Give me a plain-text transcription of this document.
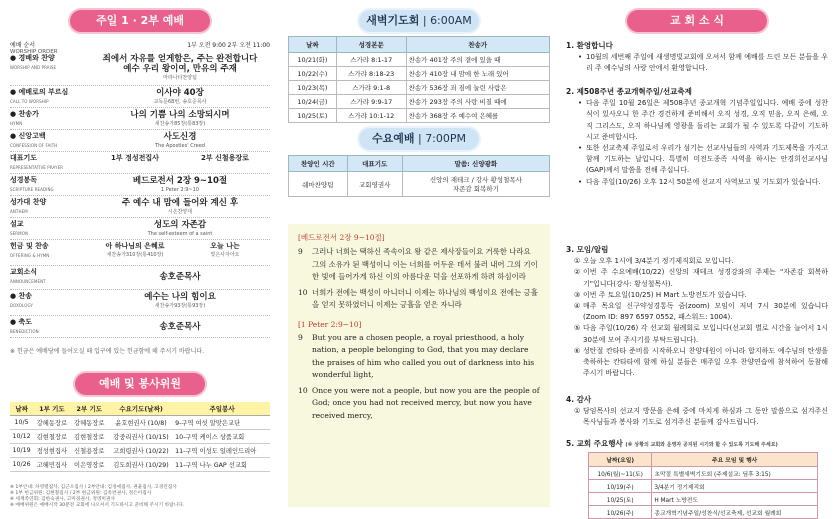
주일 1 · 2부 예배
예배 순서
WORSHIP ORDER
1부 오전 9:00 2부 오전 11:00
● 경배와 찬양
WORSHIP AND PRAISE
죄에서 자유를 얻게함은, 주는 완전합니다
예수 우리 왕이여, 만유의 주재
마라나타찬양팀
● 예배로의 부르심
CALL TO WORSHIP
이사야 40장
교독문68번, 송호준목사
● 찬송가
HYMN
나의 기쁨 나의 소망되시며
새찬송가85장(통83장)
● 신앙고백
CONFESSION OF FAITH
사도신경
The Apostles' Creed
대표기도
REPRESENTATIVE PRAYER
1부 정성전집사	2부 신철용장로
성경봉독
SCRIPTURE READING
베드로전서 2장 9~10절
1 Peter 2:9~10
성가대 찬양
ANTHEM
주 예수 내 맘에 들어와 계신 후
시온찬양대
설교
SERMON
성도의 자존감
The self-esteem of a saint
헌금 및 찬송
OFFERING & HYMN
아 하나님의 은혜로
새찬송가310장(통410장)
오늘 나는
빛은사자아오
교회소식
ANNOUNCEMENT	송호준목사
● 찬송
DOXOLOGY
예수는 나의 힘이요
새찬송가93장(통93장)
● 축도
BENEDICTION	송호준목사
※ 헌금은 예배당에 들어오실 때 입구에 있는 헌금함에 해 주시기 바랍니다.
예배 및 봉사위원
날짜	1부 기도	2부 기도	수요기도(날짜)	주일봉사
10/5	강혜동장로	강혜동장로	윤호현권사 (10/8)	9-구역 여섯 알맞은교단
10/12	김현철장로	김현철장로	강중리권사 (10/15)	10-구역 케이스 상품교회
10/19	정성현집사	신철용장로	고희령권사 (10/22)	11-구역 이성도 일레인드리아
10/26	고혜민집사	이은영장로	김도희권사 (10/29)	11-구역 나누 GAP 선교회
※ 1부안내: 차영렬집사, 김근오집사 / 2부안내: 김경애집사, 권율집사, 고경린집사
※ 1부 헌금위원: 김현철집사 / 2부 헌금위원: 김옥련권사, 정은이집사
※ 세계족연회: 김한숙권사, 고미경권사, 정영미권사
※ 예배위원은 예배시작 30분전 교회에 나오셔서 기도하시고 준비해 주시기 바랍니다.
새벽기도회 | 6:00AM
날짜	성경본문	찬송가
10/21(화)	스가랴 8:1-17	찬송가 401장 주의 곁에 있을 때
10/22(수)	스가랴 8:18-23	찬송가 410장 내 맘에 한 노래 있어
10/23(목)	스가랴 9:1-8	찬송가 536장 죄 짐에 눌린 사람은
10/24(금)	스가랴 9:9-17	찬송가 293장 주의 사랑 비칠 때에
10/25(토)	스가랴 10:1-12	찬송가 368장 주 예수여 은혜를
수요예배 | 7:00PM
찬양인 시간	대표기도	말씀: 신양광화
쉐마찬양팀	교회영권사	신앙의 재테크 / 강사 황성철목사
자존감 회복하기
[베드로전서 2장 9~10절]
9	그러나 너희는 택하신 족속이요 왕 같은 제사장들이요 거룩한 나라요 그의 소유가 된 백성이니 이는 너희를 어두운 데서 불러 내어 그의 기이한 빛에 들어가게 하신 이의 아름다운 덕을 선포하게 하려 하심이라
10 너희가 전에는 백성이 아니더니 이제는 하나님의 백성이요 전에는 긍휼을 얻지 못하였더니 이제는 긍휼을 얻은 자니라
[1 Peter 2:9~10]
9	But you are a chosen people, a royal priesthood, a holy nation, a people belonging to God, that you may declare the praises of him who called you out of darkness into his wonderful light,
10 Once you were not a people, but now you are the people of God; once you had not received mercy, but now you have received mercy,
교 회 소 식
1. 환영합니다
• 10월의 세번째 주일에 새생명빛교회에 오셔서 함께 예배를 드린 모든 분들을 우리 주 예수님의 사랑 안에서 환영합니다.
2. 제508주년 종교개혁주일/선교축제
• 다음 주일 10월 26일은 제508주년 종교개혁 기념주일입니다. 예배 중에 성찬식이 있사오니 한 주간 경건하게 준비해서 오직 성경, 오직 믿음, 오직 은혜, 오직 그리스도, 오직 하나님께 영광을 돌리는 교회가 될 수 있도록 다같이 기도하시고 준비합시다.
• 또한 선교축제 주일로서 우리가 섬기는 선교사님들의 사역과 기도제목을 가지고 함께 기도하는 날입니다. 특별히 미전도종족 사역을 하시는 안경희선교사님(GAP)께서 말씀을 전해 주십니다.
• 다음 주일(10/26) 오후 12시 50분에 선교지 사역보고 및 기도회가 있습니다.
3. 모임/알림
① 오늘 오후 1시에 3/4분기 정기제직회로 모입니다.
② 이번 주 수요예배(10/22) 신앙의 재테크 성경강좌의 주제는 "자존감 회복하기"입니다(강사: 황성철목사).
③ 이번 주 토요일(10/25) H Mart 노방전도가 있습니다.
④ 매주 목요일 신구약성경통독 줌(zoom) 모임이 저녁 7시 30분에 있습니다(Zoom ID: 897 6597 0552, 패스워드: 1004).
⑤ 다음 주일(10/26) 각 선교회 월례회로 모입니다(선교회 별로 시간을 늘어서 1시 30분에 모여 주시기를 부탁드립니다).
⑥ 성탄절 칸타타 준비를 시작하오니 찬양대원이 아니라 합지하도 예수님의 탄생을 축하하는 칸타타에 함께 하실 분들은 매주일 오후 찬양연습에 참석하여 동참해 주시기 바랍니다.
4. 감사
① 담임목사의 선교지 방문을 은혜 중에 마치게 하심과 그 동안 말씀으로 섬겨주신 목사님들과 봉사와 기도로 섬겨주신 분들께 감사드립니다.
5. 교회 주요행사 (※ 상황의 교회와 운영자 공지된 시기와 할 수 있도록 기도해 주세요)
날짜(요일)	주요 모임 및 행사
10/6(월)~11(토)	초막절 특별새벽기도회 (주제설교: 딤후 3:15)
10/19(주)	3/4분기 정기제직회
10/25(토)	H Mart 노방전도
10/26(주)	종교개혁기념주일/성찬식/선교축제, 선교회 월례회
